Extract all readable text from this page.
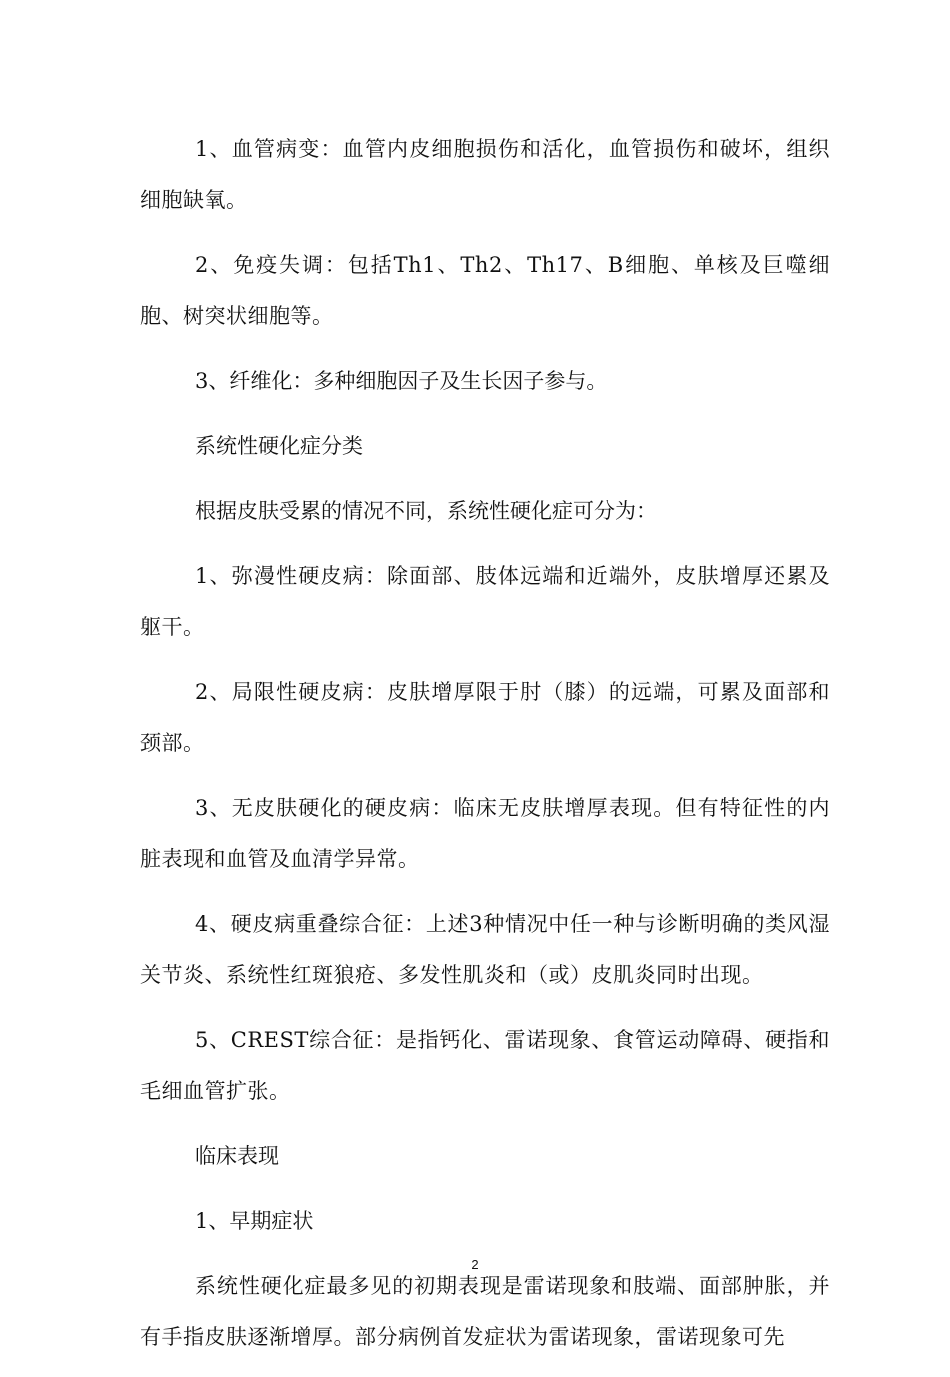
1、血管病变：血管内皮细胞损伤和活化，血管损伤和破坏，组织细胞缺氧。

2、免疫失调：包括Th1、Th2、Th17、B细胞、单核及巨噬细胞、树突状细胞等。

3、纤维化：多种细胞因子及生长因子参与。

系统性硬化症分类

根据皮肤受累的情况不同，系统性硬化症可分为：

1、弥漫性硬皮病：除面部、肢体远端和近端外，皮肤增厚还累及躯干。

2、局限性硬皮病：皮肤增厚限于肘（膝）的远端，可累及面部和颈部。

3、无皮肤硬化的硬皮病：临床无皮肤增厚表现。但有特征性的内脏表现和血管及血清学异常。

4、硬皮病重叠综合征：上述3种情况中任一种与诊断明确的类风湿关节炎、系统性红斑狼疮、多发性肌炎和（或）皮肌炎同时出现。

5、CREST综合征：是指钙化、雷诺现象、食管运动障碍、硬指和毛细血管扩张。

临床表现

1、早期症状

系统性硬化症最多见的初期表现是雷诺现象和肢端、面部肿胀，并有手指皮肤逐渐增厚。部分病例首发症状为雷诺现象，雷诺现象可先

2
